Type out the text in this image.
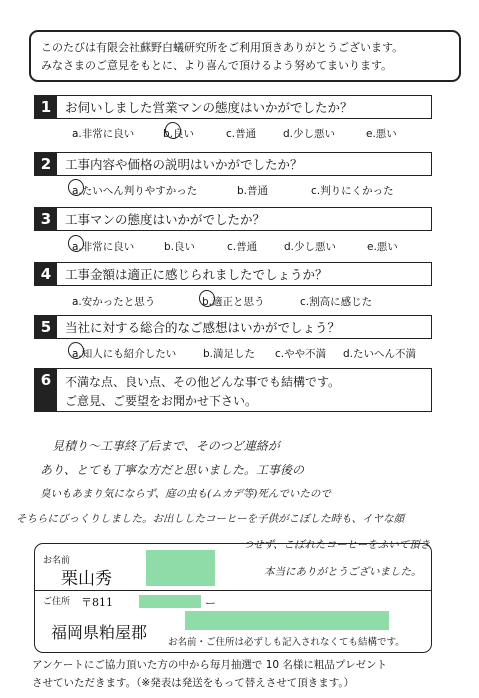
このたびは有限会社蘇野白蟻研究所をご利用頂きありがとうございます。
みなさまのご意見をもとに、より喜んで頂けるよう努めてまいります。
1	お伺いしました営業マンの態度はいかがでしたか？
a.非常に良い	b.良い	c.普通	d.少し悪い	e.悪い
2	工事内容や価格の説明はいかがでしたか？
a.たいへん判りやすかった	b.普通	c.判りにくかった
3	工事マンの態度はいかがでしたか？
a.非常に良い	b.良い	c.普通	d.少し悪い	e.悪い
4	工事金額は適正に感じられましたでしょうか？
a.安かったと思う	b.適正と思う	c.割高に感じた
5	当社に対する総合的なご感想はいかがでしょう？
a.知人にも紹介したい	b.満足した c.やや不満 d.たいへん不満
6	不満な点、良い点、その他どんな事でも結構です。
ご意見、ご要望をお聞かせ下さい。
見積り〜工事終了后まで、そのつど連絡が
あり、とても丁寧な方だと思いました。工事後の
臭いもあまり気にならず、庭の虫も(ムカデ等)死んでいたので
そちらにびっくりしました。お出ししたコーヒーを子供がこぼした時も、イヤな顔
一つせず、こぼれたコーヒーをふいて頂き
本当にありがとうございました。
お名前
栗山秀
ご住所 〒811	ー
福岡県粕屋郡
お名前・ご住所は必ずしも記入されなくても結構です。
アンケートにご協力頂いた方の中から毎月抽選で 10 名様に粗品プレゼント
させていただきます。（※発表は発送をもって替えさせて頂きます。）
